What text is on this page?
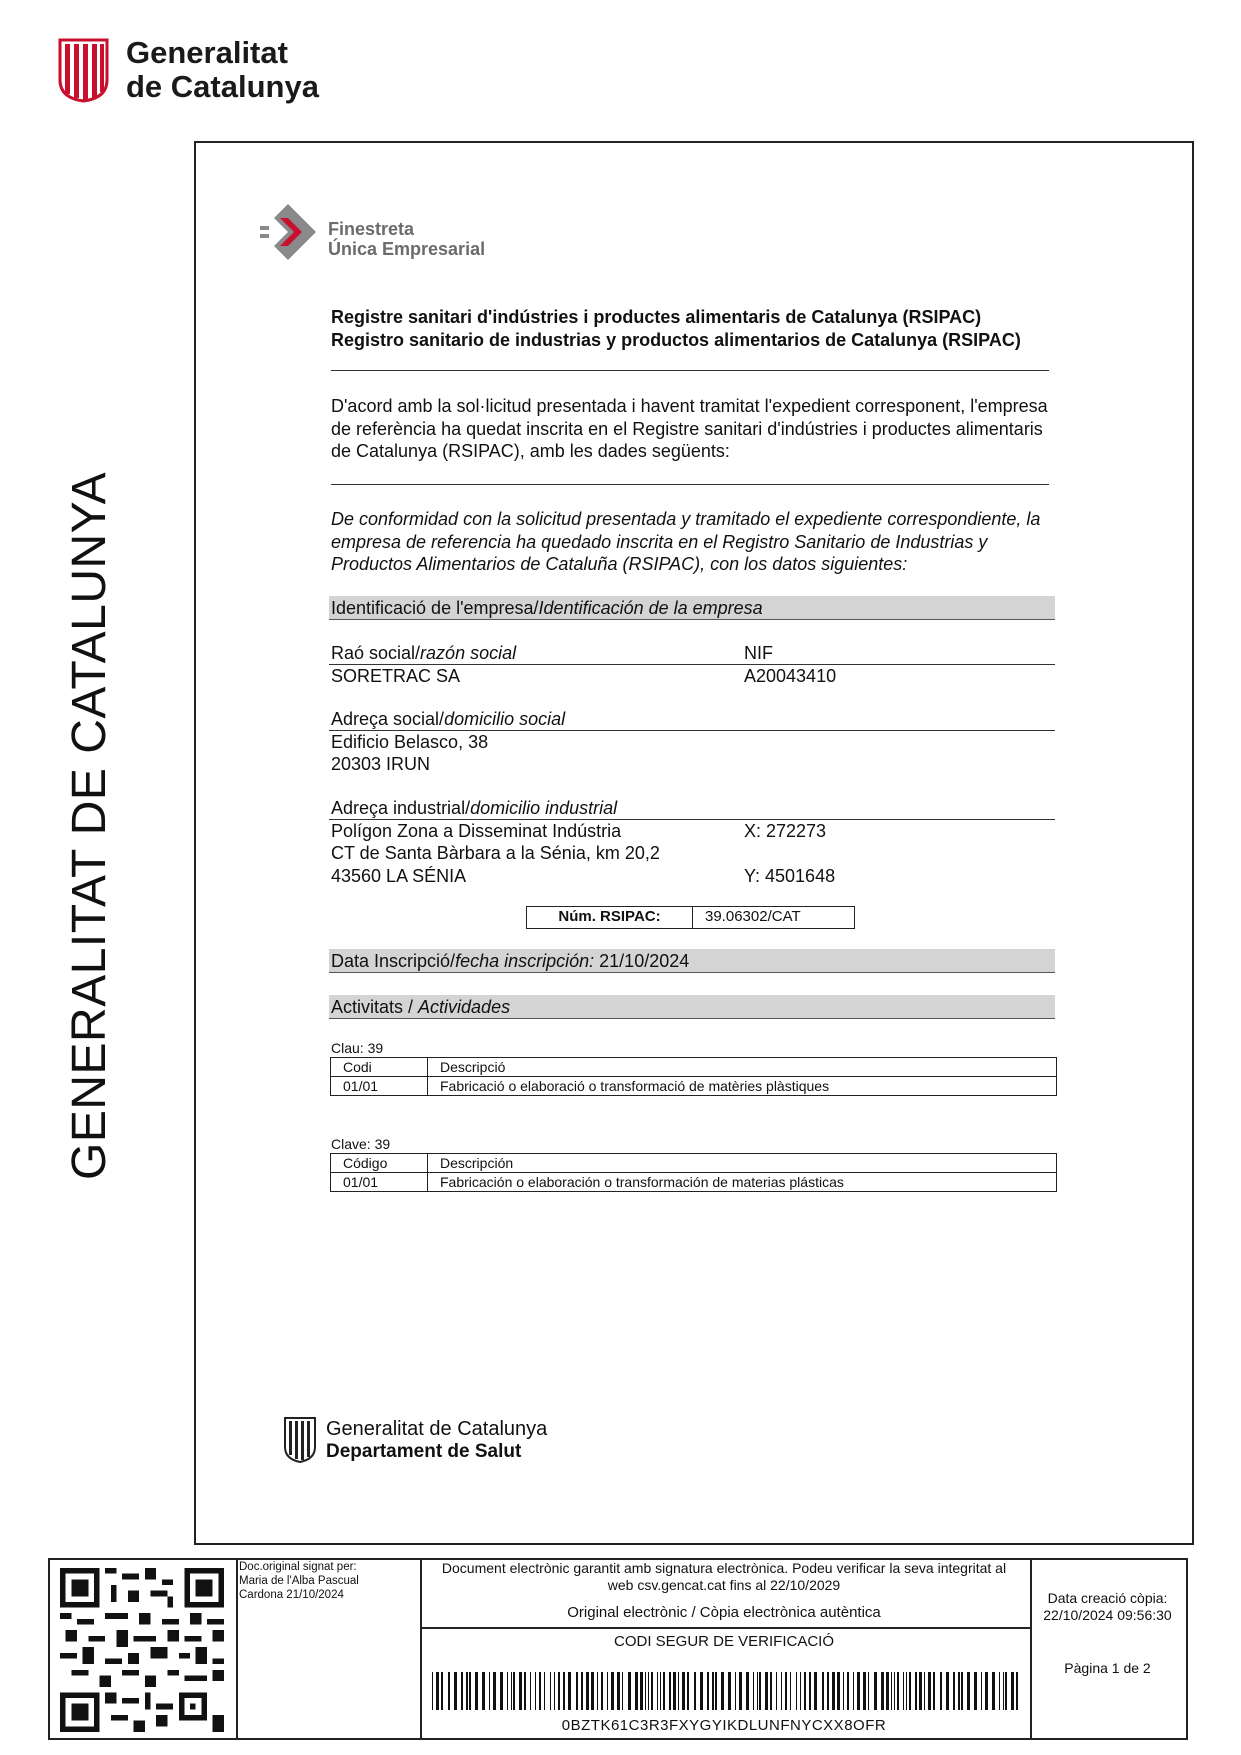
Generalitat
de Catalunya
GENERALITAT DE CATALUNYA
Finestreta
Única Empresarial
Registre sanitari d'indústries i productes alimentaris de Catalunya (RSIPAC)
Registro sanitario de industrias y productos alimentarios de Catalunya (RSIPAC)
D'acord amb la sol·licitud presentada i havent tramitat l'expedient corresponent, l'empresa de referència ha quedat inscrita en el Registre sanitari d'indústries i productes alimentaris de Catalunya (RSIPAC), amb les dades següents:
De conformidad con la solicitud presentada y tramitado el expediente correspondiente, la empresa de referencia ha quedado inscrita en el Registro Sanitario de Industrias y Productos Alimentarios de Cataluña (RSIPAC), con los datos siguientes:
Identificació de l'empresa/Identificación de la empresa
Raó social/razón social	NIF
SORETRAC SA	A20043410
Adreça social/domicilio social
Edificio Belasco, 38
20303 IRUN
Adreça industrial/domicilio industrial
Polígon Zona a Disseminat Indústria
CT de Santa Bàrbara a la Sénia, km 20,2
43560 LA SÉNIA
X: 272273
Y: 4501648
Núm. RSIPAC:	39.06302/CAT
Data Inscripció/fecha inscripción: 21/10/2024
Activitats / Actividades
Clau: 39
Codi	Descripció
01/01	Fabricació o elaboració o transformació de matèries plàstiques
Clave: 39
Código	Descripción
01/01	Fabricación o elaboración o transformación de materias plásticas
Generalitat de Catalunya
Departament de Salut
Doc.original signat per:
Maria de l'Alba Pascual
Cardona 21/10/2024
Document electrònic garantit amb signatura electrònica. Podeu verificar la seva integritat al
web csv.gencat.cat fins al 22/10/2029
Original electrònic / Còpia electrònica autèntica
CODI SEGUR DE VERIFICACIÓ
0BZTK61C3R3FXYGYIKDLUNFNYCXX8OFR
Data creació còpia:
22/10/2024 09:56:30
Pàgina 1 de 2
